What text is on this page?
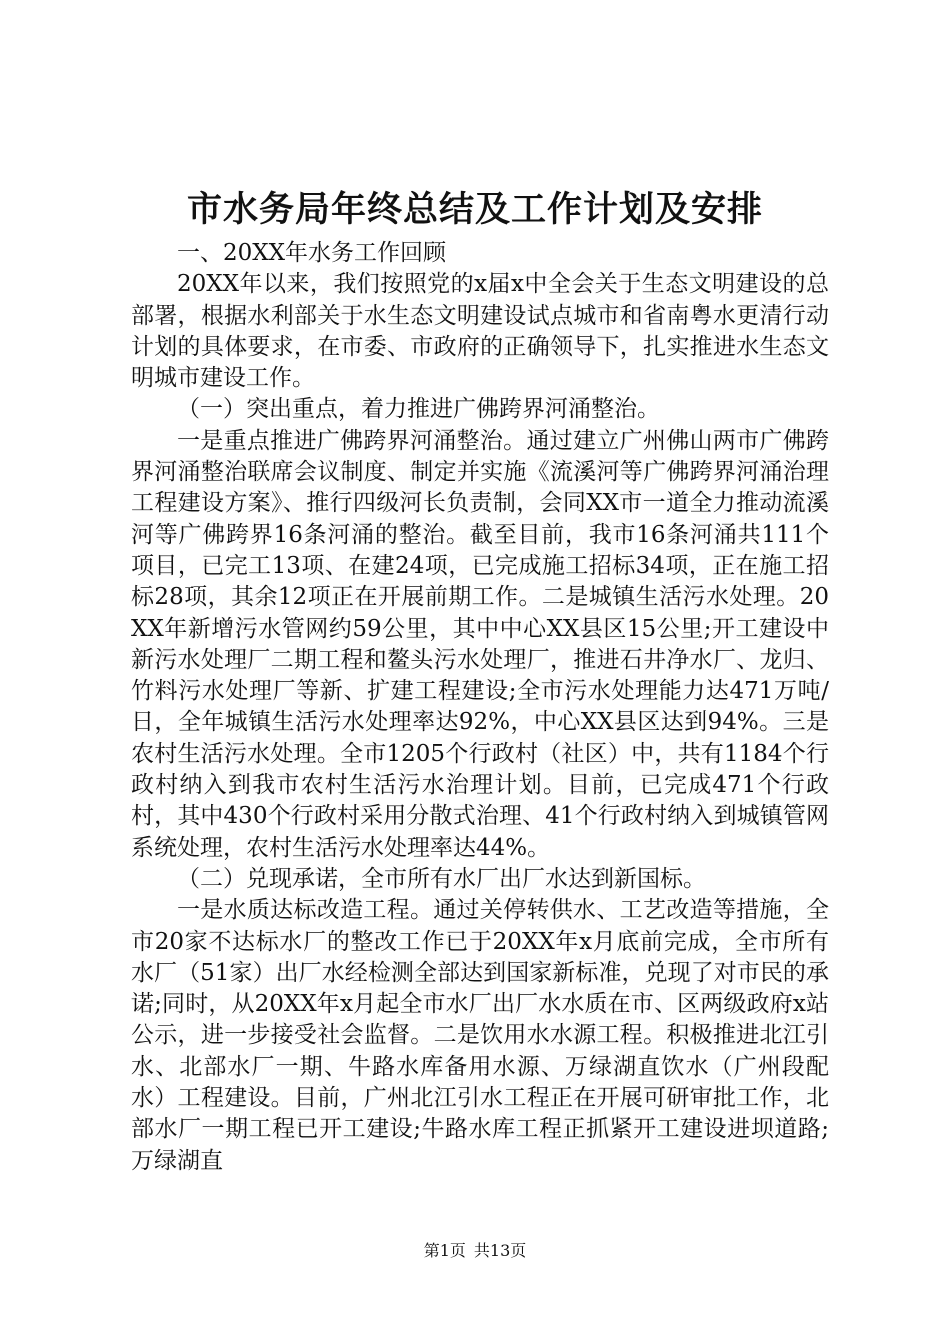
市水务局年终总结及工作计划及安排

一、20XX年水务工作回顾

20XX年以来，我们按照党的x届x中全会关于生态文明建设的总部署，根据水利部关于水生态文明建设试点城市和省南粤水更清行动计划的具体要求，在市委、市政府的正确领导下，扎实推进水生态文明城市建设工作。

（一）突出重点，着力推进广佛跨界河涌整治。

一是重点推进广佛跨界河涌整治。通过建立广州佛山两市广佛跨界河涌整治联席会议制度、制定并实施《流溪河等广佛跨界河涌治理工程建设方案》、推行四级河长负责制，会同XX市一道全力推动流溪河等广佛跨界16条河涌的整治。截至目前，我市16条河涌共111个项目，已完工13项、在建24项，已完成施工招标34项，正在施工招标28项，其余12项正在开展前期工作。二是城镇生活污水处理。20XX年新增污水管网约59公里，其中中心XX县区15公里;开工建设中新污水处理厂二期工程和鳌头污水处理厂，推进石井净水厂、龙归、竹料污水处理厂等新、扩建工程建设;全市污水处理能力达471万吨/日，全年城镇生活污水处理率达92%，中心XX县区达到94%。三是农村生活污水处理。全市1205个行政村（社区）中，共有1184个行政村纳入到我市农村生活污水治理计划。目前，已完成471个行政村，其中430个行政村采用分散式治理、41个行政村纳入到城镇管网系统处理，农村生活污水处理率达44%。

（二）兑现承诺，全市所有水厂出厂水达到新国标。

一是水质达标改造工程。通过关停转供水、工艺改造等措施，全市20家不达标水厂的整改工作已于20XX年x月底前完成，全市所有水厂（51家）出厂水经检测全部达到国家新标准，兑现了对市民的承诺;同时，从20XX年x月起全市水厂出厂水水质在市、区两级政府x站公示，进一步接受社会监督。二是饮用水水源工程。积极推进北江引水、北部水厂一期、牛路水库备用水源、万绿湖直饮水（广州段配水）工程建设。目前，广州北江引水工程正在开展可研审批工作，北部水厂一期工程已开工建设;牛路水库工程正抓紧开工建设进坝道路;万绿湖直

第1页 共13页
